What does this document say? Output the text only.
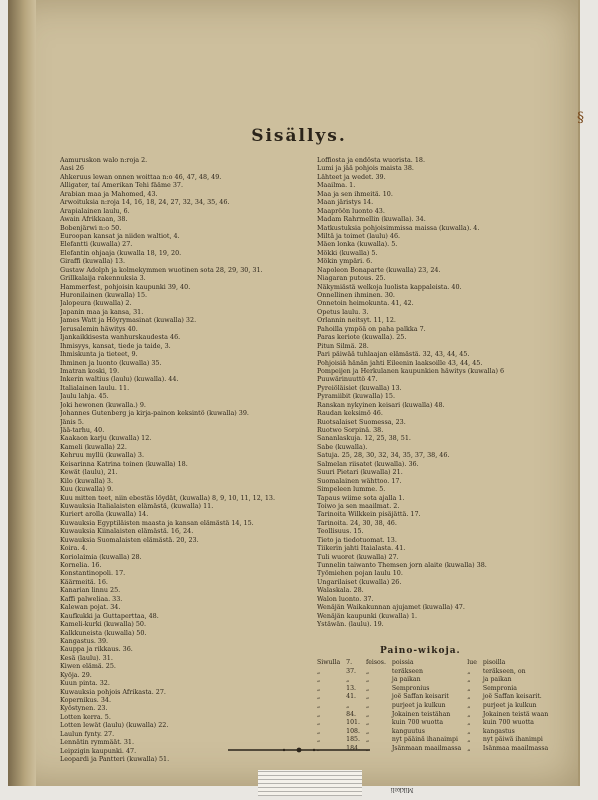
§
Sisällys.
Aamuruskon walo n:roja 2.
Aasi 26
Ahkeruus lewan onnen woittaa n:o 46, 47, 48, 49.
Alligater, taí Amerikan Tehi fääme 37.
Arabian maa ja Mahomed, 43.
Arwoituksia n:roja 14, 16, 18, 24, 27, 32, 34, 35, 46.
Arapialainen laulu, 6.
Awain Afrikkaan, 38.
Bobenjärwi n:o 50.
Euroopan kansat ja niiden waltiot, 4.
Elefantti (kuwalla) 27.
Elefantin ohjaaja (kuwalla 18, 19, 20.
Giraffi (kuwalla) 13.
Gustaw Adolph ja kolmekymmen wuotinen sota 28, 29, 30, 31.
Grillkalaija rakennuksia 3.
Hammerfest, pohjoisin kaupunki 39, 40.
Huronilainen (kuwalla) 15.
Jalopeura (kuwalla) 2.
Japanin maa ja kansa, 31.
James Watt ja Höyrymasinat (kuwalla) 32.
Jerusalemin häwitys 40.
Ijankaikkisesta wanhurskaudesta 46.
Ihmisyys, kansat, tiede ja taide, 3.
Ihmiskunta ja tieteet, 9.
Ihminen ja luonto (kuwalla) 35.
Imatran koski, 19.
Inkerin waltius (laulu) (kuwalla). 44.
Italialainen laulu. 11.
Jaulu lahja. 45.
Joki hewonen (kuwalla.) 9.
Johannes Gutenberg ja kirja-painon keksintö (kuwalla) 39.
Jänis 5.
Jää-tarhu, 40.
Kaakaon karju (kuwalla) 12.
Kameli (kuwalla) 22.
Kehruu myllü (kuwalla) 3.
Keisarinna Katrina toinen (kuwalla) 18.
Kewät (laulu), 21.
Kilo (kuwalla) 3.
Kuu (kuwalla) 9.
Kuu mitten teet, niin ebestäs löydät, (kuwalla) 8, 9, 10, 11, 12, 13.
Kuwauksia Italialaisten elämästä, (kuwalla) 11.
Kuriert arolla (kuwalla) 14.
Kuwauksia Egyptiläisten maasta ja kansan elämästä 14, 15.
Kuwauksia Kiinalaisten elämästä. 16, 24.
Kuwauksia Suomalaisten elämästä. 20, 23.
Koira. 4.
Koriolaimia (kuwalla) 28.
Kornelia. 16.
Konstantinopoli. 17.
Käärmeitä. 16.
Kanarian linnu 25.
Kaffi palweliaa. 33.
Kalewan pojat. 34.
Kaufkukki ja Guttaperttaa, 48.
Kameli-kurki (kuwalla) 50.
Kalkkuneista (kuwalla) 50.
Kangastus. 39.
Kauppa ja rikkaus. 36.
Kesä (laulu). 31.
Kiwen elämä. 25.
Kyöja. 29.
Kuun pinta. 32.
Kuwauksia pohjois Afrikasta. 27.
Kopernikus. 34.
Kyöstynen. 23.
Lotten kerra. 5.
Lotten lewät (laulu) (kuwalla) 22.
Laulun fynty. 27.
Lennätin rymmäät. 31.
Leipzigin kaupunki. 47.
Leopardi ja Pantteri (kuwalla) 51.
Loffiosta ja endösta wuorista. 18.
Lumi ja jää pohjois maista 38.
Lähteet ja wedet. 39.
Maailma. 1.
Maa ja sen ihmeitä. 10.
Maan järistys 14.
Maapröön luonto 43.
Madam Rahrmellin (kuwalla). 34.
Matkustuksia pohjoisimmissa maissa (kuwalla). 4.
Miltä ja toimet (laulu) 46.
Mäen lonka (kuwalla). 5.
Mökki (kuwalla) 5.
Mökin ympäri. 6.
Napoleon Bonaparte (kuwalla) 23, 24.
Niagaran putous. 25.
Näkymiästä welkoja luolista kappaleista. 40.
Onnellinen ihminen. 30.
Onnetoin heimokunta. 41, 42.
Opetus laulu. 3.
Orlannin neitsyt. 11, 12.
Pahoilla ympöä on paha palkka 7.
Paras keriote (kuwalla). 25.
Pitun Silmä. 28.
Pari päiwää tuhlaajan elämästä. 32, 43, 44, 45.
Pohjoisiä hänän jahti Eileenin laaksoille 43, 44, 45.
Pompeijen ja Herkulanen kaupunkien häwitys (kuwalla) 6
Puuwärinuuttö 47.
Pyreiöläisiet (kuwalla) 13.
Pyramiibit (kuwalla) 15.
Ranskan nykyinen keisari (kuwalla) 48.
Raudan keksimö 46.
Ruotsalaiset Suomessa, 23.
Ruotwo Sorpinä. 38.
Sananlaskuja. 12, 25, 38, 51.
Sabe (kuwalla).
Satuja. 25, 28, 30, 32, 34, 35, 37, 38, 46.
Salmelan riisatet (kuwalla). 36.
Suuri Pietari (kuwalla) 21.
Suomalainen wähttoo. 17.
Simpeleen lumme. 5.
Tapaus wiime sota ajalla 1.
Toiwo ja sen maailmat. 2.
Tarinoita Wilkkein pisäjättä. 17.
Tarinoita. 24, 30, 38, 46.
Teollisuus. 15.
Tieto ja tiedotuomat. 13.
Tiikerin jahti Itaialasta. 41.
Tuli wuoret (kuwalla) 27.
Tunnelin taiwanto Themsen jorn alaite (kuwalla) 38.
Työmiehen pojan laulu 10.
Ungarilaiset (kuwalla) 26.
Walaskala. 28.
Walon luonto. 37.
Wenäjän Waikakunnan ajujamet (kuwalla) 47.
Wenäjän kaupunki (kuwalla) 1.
Ystäwän. (laulu). 19.
Paino-wikoja.
Siwulla	7.	feisos.	poissia	lue	pisoilla
„	37.	„	teräkseen	„	teräkseen, on
„	„	„	ja paikan	„	ja paikan
„	13.	„	Sempronius	„	Sempronia
„	41.	„	joë Saffan keisarit	„	joë Saffan keisarit.
„	„	„	purjeet ja kulkun	„	purjeet ja kulkun
„	84.	„	Jokainen teistähan	„	Jokainen teistä waan
„	101.	„	kuin 700 wuotta	„	kuin 700 wuotta
„	108.	„	kanguutus	„	kangastus
„	185.	„	nyt pääinä ihanaimpi	„	nyt päiwä ihanimpi
„	184.	„	Jsänmaan maailmassa	„	Isänmaa maailmassa
Mikkeli
